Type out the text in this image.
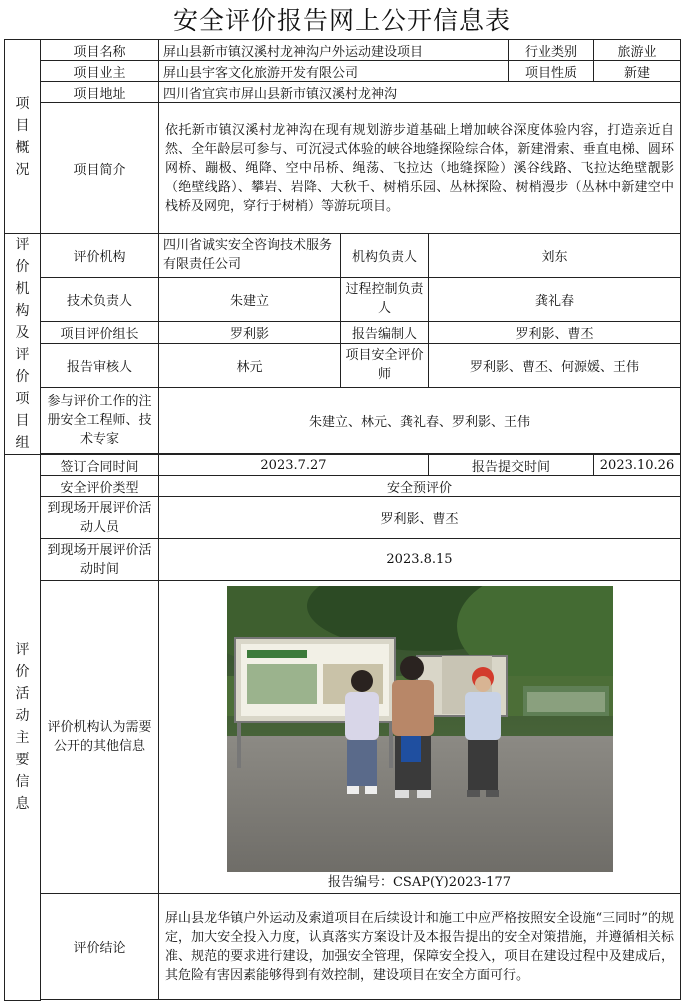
安全评价报告网上公开信息表
项目概况	项目名称	屏山县新市镇汉溪村龙神沟户外运动建设项目			行业类别	旅游业
	项目业主	屏山县宇客文化旅游开发有限公司			项目性质	新建
	项目地址	四川省宜宾市屏山县新市镇汉溪村龙神沟				
	项目简介	依托新市镇汉溪村龙神沟在现有规划游步道基础上增加峡谷深度体验内容，打造亲近自然、全年龄层可参与、可沉浸式体验的峡谷地缝探险综合体，新建滑索、垂直电梯、圆环网桥、蹦极、绳降、空中吊桥、绳荡、飞拉达（地缝探险）溪谷线路、飞拉达绝壁靓影（绝壁线路）、攀岩、岩降、大秋千、树梢乐园、丛林探险、树梢漫步（丛林中新建空中栈桥及网兜，穿行于树梢）等游玩项目。				

评价机构及评价项目组	评价机构	四川省诚实安全咨询技术服务有限责任公司	机构负责人	刘东		
	技术负责人	朱建立	过程控制负责人	龚礼春		
	项目评价组长	罗利影	报告编制人	罗利影、曹丕		
	报告审核人	林元	项目安全评价师	罗利影、曹丕、何源媛、王伟		
	参与评价工作的注册安全工程师、技术专家	朱建立、林元、龚礼春、罗利影、王伟				

评价活动主要信息	签订合同时间	2023.7.27		报告提交时间		2023.10.26
	安全评价类型	安全预评价				
	到现场开展评价活动人员	罗利影、曹丕				
	到现场开展评价活动时间	2023.8.15				
	评价机构认为需要公开的其他信息	报告编号：CSAP(Y)2023-177				

	评价结论	屏山县龙华镇户外运动及索道项目在后续设计和施工中应严格按照安全设施“三同时”的规定，加大安全投入力度，认真落实方案设计及本报告提出的安全对策措施，并遵循相关标准、规范的要求进行建设，加强安全管理，保障安全投入，项目在建设过程中及建成后，其危险有害因素能够得到有效控制，建设项目在安全方面可行。				
